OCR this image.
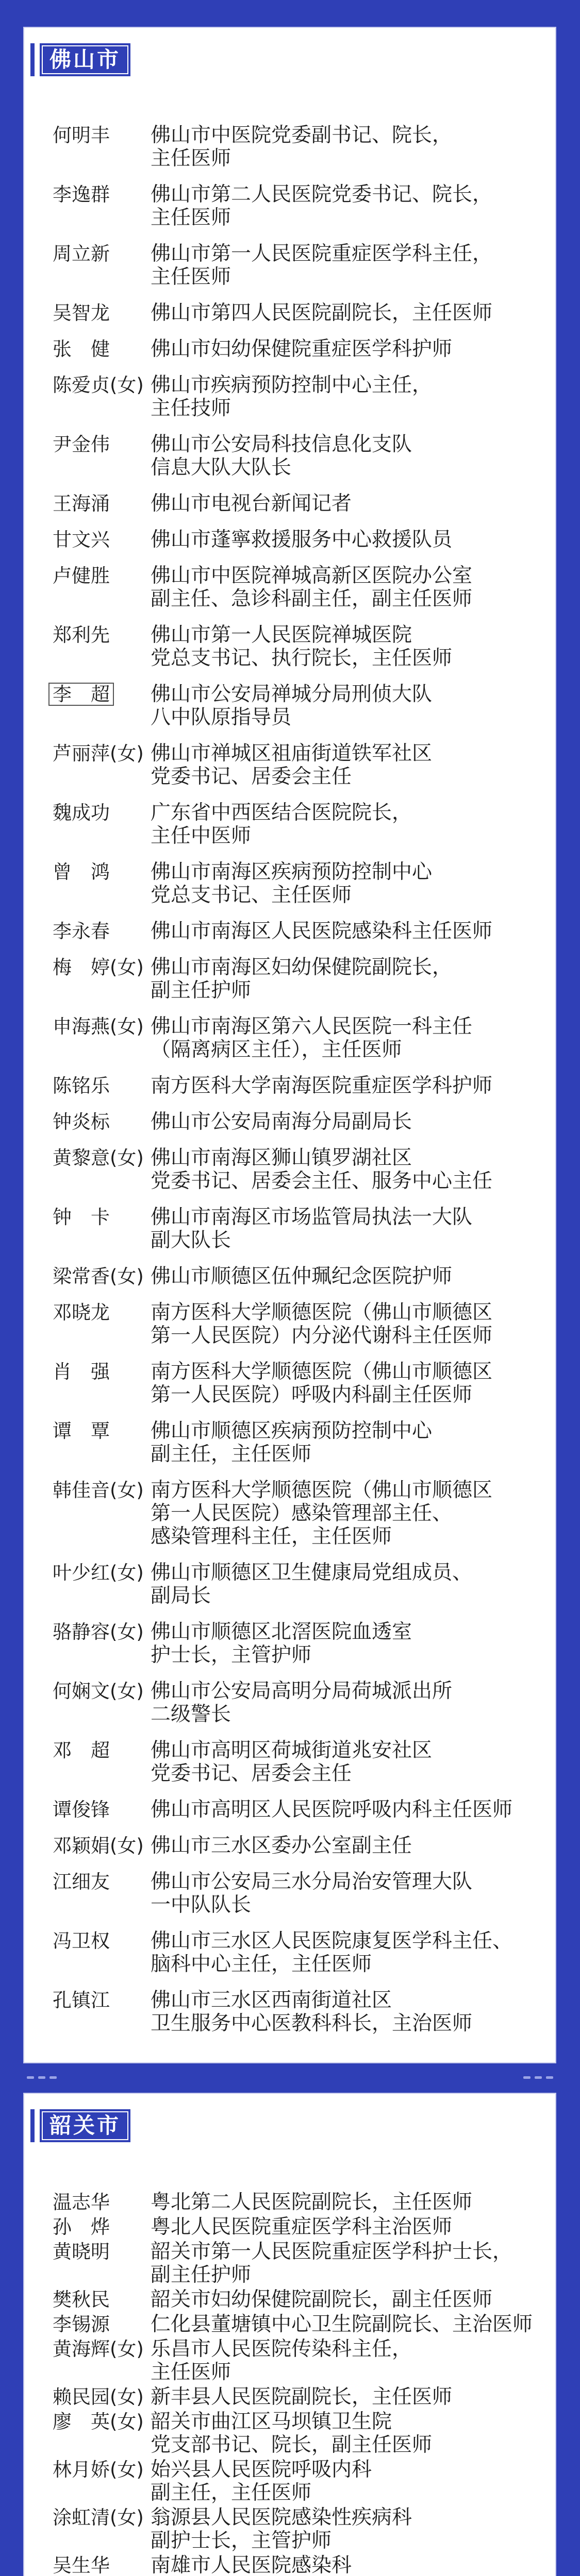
佛山市
何明丰	佛山市中医院党委副书记、院长，
主任医师
李逸群	佛山市第二人民医院党委书记、院长，
主任医师
周立新	佛山市第一人民医院重症医学科主任，
主任医师
吴智龙	佛山市第四人民医院副院长，主任医师
张　健	佛山市妇幼保健院重症医学科护师
陈爱贞(女) 佛山市疾病预防控制中心主任，
主任技师
尹金伟	佛山市公安局科技信息化支队
信息大队大队长
王海涌	佛山市电视台新闻记者
甘文兴	佛山市蓬寧救援服务中心救援队员
卢健胜	佛山市中医院禅城高新区医院办公室
副主任、急诊科副主任，副主任医师
郑利先	佛山市第一人民医院禅城医院
党总支书记、执行院长，主任医师
李　超	佛山市公安局禅城分局刑侦大队
八中队原指导员
芦丽萍(女) 佛山市禅城区祖庙街道铁军社区
党委书记、居委会主任
魏成功	广东省中西医结合医院院长，
主任中医师
曾　鸿	佛山市南海区疾病预防控制中心
党总支书记、主任医师
李永春	佛山市南海区人民医院感染科主任医师
梅　婷(女) 佛山市南海区妇幼保健院副院长，
副主任护师
申海燕(女) 佛山市南海区第六人民医院一科主任
（隔离病区主任），主任医师
陈铭乐	南方医科大学南海医院重症医学科护师
钟炎标	佛山市公安局南海分局副局长
黄黎意(女) 佛山市南海区狮山镇罗湖社区
党委书记、居委会主任、服务中心主任
钟　卡	佛山市南海区市场监管局执法一大队
副大队长
梁常香(女) 佛山市顺德区伍仲珮纪念医院护师
邓晓龙	南方医科大学顺德医院（佛山市顺德区
第一人民医院）内分泌代谢科主任医师
肖　强	南方医科大学顺德医院（佛山市顺德区
第一人民医院）呼吸内科副主任医师
谭　覃	佛山市顺德区疾病预防控制中心
副主任，主任医师
韩佳音(女) 南方医科大学顺德医院（佛山市顺德区
第一人民医院）感染管理部主任、
感染管理科主任，主任医师
叶少红(女) 佛山市顺德区卫生健康局党组成员、
副局长
骆静容(女) 佛山市顺德区北滘医院血透室
护士长，主管护师
何娴文(女) 佛山市公安局高明分局荷城派出所
二级警长
邓　超	佛山市高明区荷城街道兆安社区
党委书记、居委会主任
谭俊锋	佛山市高明区人民医院呼吸内科主任医师
邓颖娟(女) 佛山市三水区委办公室副主任
江细友	佛山市公安局三水分局治安管理大队
一中队队长
冯卫权	佛山市三水区人民医院康复医学科主任、
脑科中心主任，主任医师
孔镇江	佛山市三水区西南街道社区
卫生服务中心医教科科长，主治医师
韶关市
温志华	粤北第二人民医院副院长，主任医师
孙　烨	粤北人民医院重症医学科主治医师
黄晓明	韶关市第一人民医院重症医学科护士长，
副主任护师
樊秋民	韶关市妇幼保健院副院长，副主任医师
李锡源	仁化县董塘镇中心卫生院副院长、主治医师
黄海辉(女) 乐昌市人民医院传染科主任，
主任医师
赖民园(女) 新丰县人民医院副院长，主任医师
廖　英(女) 韶关市曲江区马坝镇卫生院
党支部书记、院长，副主任医师
林月娇(女) 始兴县人民医院呼吸内科
副主任，主任医师
涂虹清(女) 翁源县人民医院感染性疾病科
副护士长，主管护师
吴生华	南雄市人民医院感染科
